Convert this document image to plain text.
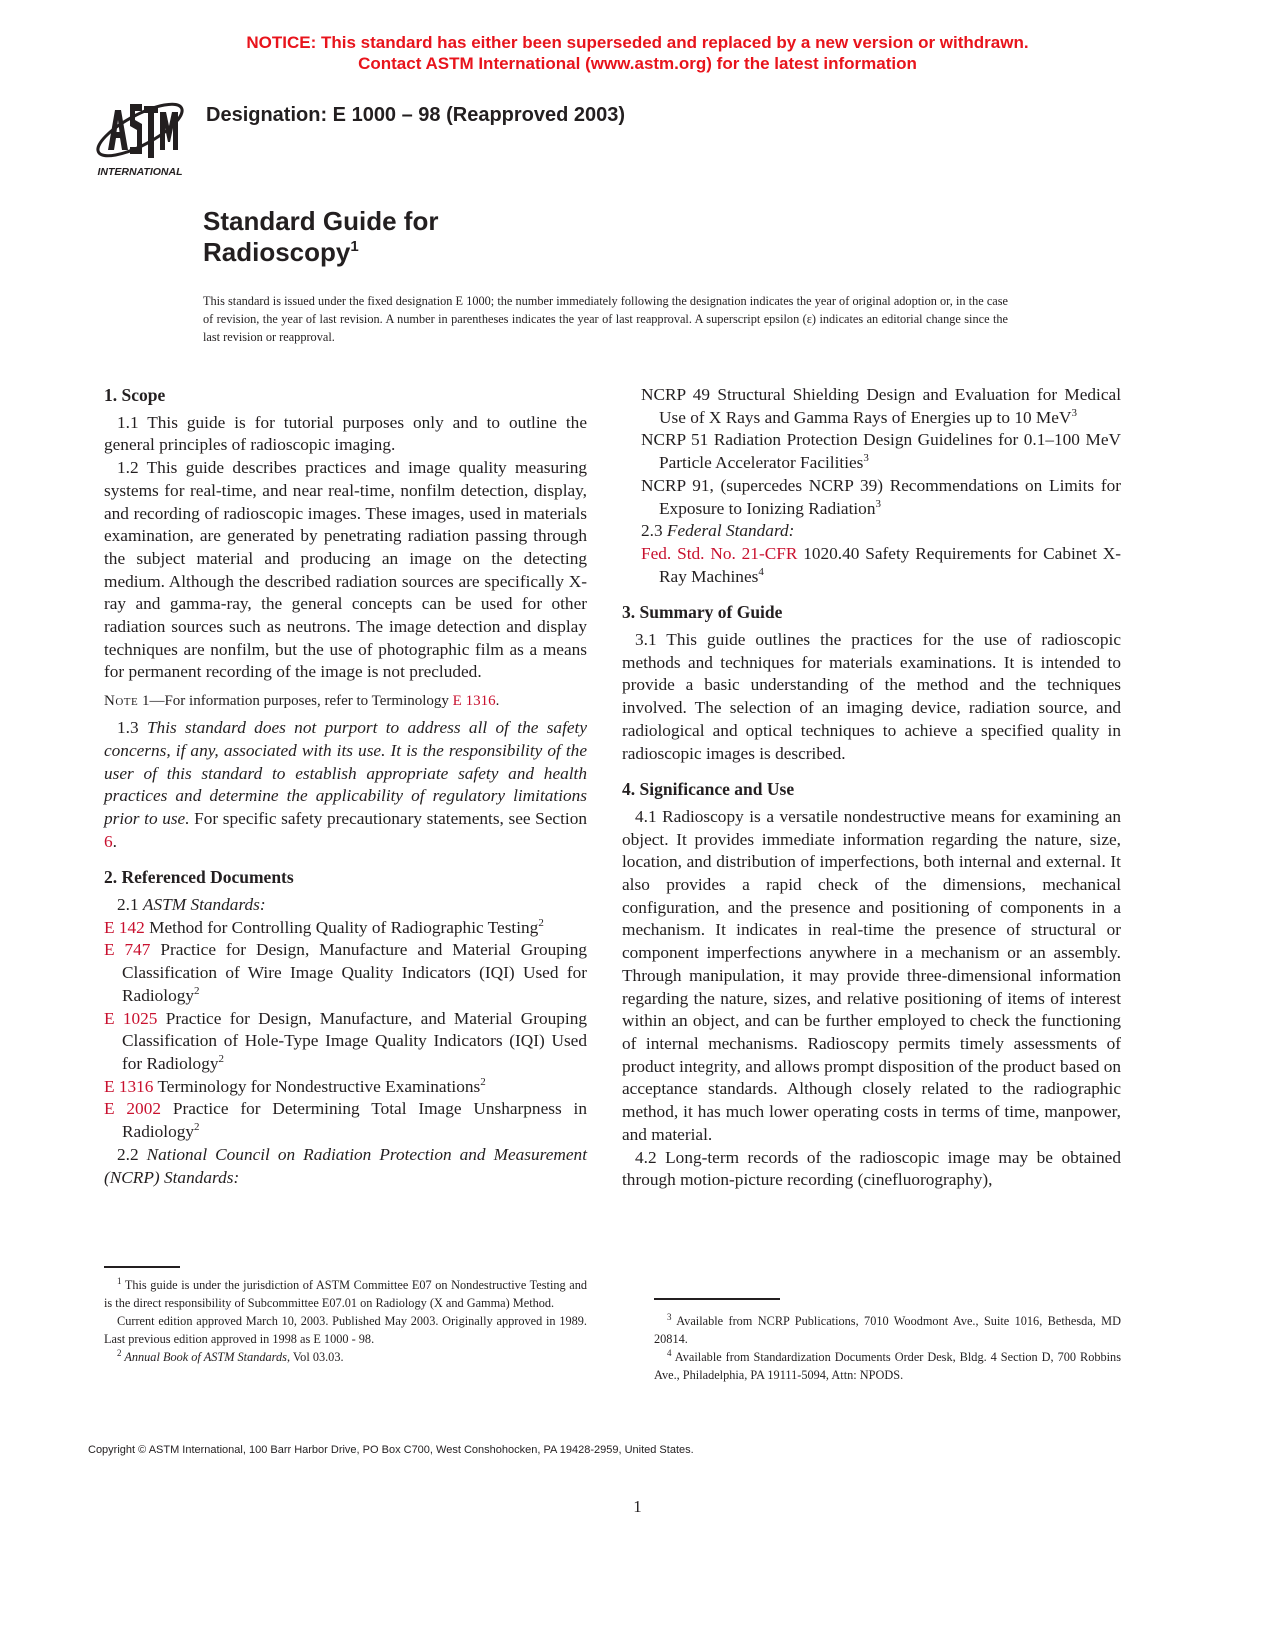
NOTICE: This standard has either been superseded and replaced by a new version or withdrawn.
Contact ASTM International (www.astm.org) for the latest information
INTERNATIONAL
Designation: E 1000 – 98 (Reapproved 2003)
Standard Guide for
Radioscopy$^1$
This standard is issued under the fixed designation E 1000; the number immediately following the designation indicates the year of original adoption or, in the case of revision, the year of last revision. A number in parentheses indicates the year of last reapproval. A superscript epsilon (ε) indicates an editorial change since the last revision or reapproval.

1. Scope

1.1 This guide is for tutorial purposes only and to outline the general principles of radioscopic imaging.

1.2 This guide describes practices and image quality measuring systems for real-time, and near real-time, nonfilm detection, display, and recording of radioscopic images. These images, used in materials examination, are generated by penetrating radiation passing through the subject material and producing an image on the detecting medium. Although the described radiation sources are specifically X-ray and gamma-ray, the general concepts can be used for other radiation sources such as neutrons. The image detection and display techniques are nonfilm, but the use of photographic film as a means for permanent recording of the image is not precluded.

Note 1—For information purposes, refer to Terminology E 1316.

1.3 This standard does not purport to address all of the safety concerns, if any, associated with its use. It is the responsibility of the user of this standard to establish appropriate safety and health practices and determine the applicability of regulatory limitations prior to use. For specific safety precautionary statements, see Section 6.

2. Referenced Documents

2.1 ASTM Standards:

E 142 Method for Controlling Quality of Radiographic Testing$^2$

E 747 Practice for Design, Manufacture and Material Grouping Classification of Wire Image Quality Indicators (IQI) Used for Radiology$^2$

E 1025 Practice for Design, Manufacture, and Material Grouping Classification of Hole-Type Image Quality Indicators (IQI) Used for Radiology$^2$

E 1316 Terminology for Nondestructive Examinations$^2$

E 2002 Practice for Determining Total Image Unsharpness in Radiology$^2$

2.2 National Council on Radiation Protection and Measurement (NCRP) Standards:

$^1$ This guide is under the jurisdiction of ASTM Committee E07 on Nondestructive Testing and is the direct responsibility of Subcommittee E07.01 on Radiology (X and Gamma) Method.

Current edition approved March 10, 2003. Published May 2003. Originally approved in 1989. Last previous edition approved in 1998 as E 1000 - 98.

$^2$ Annual Book of ASTM Standards, Vol 03.03.

NCRP 49 Structural Shielding Design and Evaluation for Medical Use of X Rays and Gamma Rays of Energies up to 10 MeV$^3$

NCRP 51 Radiation Protection Design Guidelines for 0.1–100 MeV Particle Accelerator Facilities$^3$

NCRP 91, (supercedes NCRP 39) Recommendations on Limits for Exposure to Ionizing Radiation$^3$

2.3 Federal Standard:

Fed. Std. No. 21-CFR 1020.40 Safety Requirements for Cabinet X-Ray Machines$^4$

3. Summary of Guide

3.1 This guide outlines the practices for the use of radioscopic methods and techniques for materials examinations. It is intended to provide a basic understanding of the method and the techniques involved. The selection of an imaging device, radiation source, and radiological and optical techniques to achieve a specified quality in radioscopic images is described.

4. Significance and Use

4.1 Radioscopy is a versatile nondestructive means for examining an object. It provides immediate information regarding the nature, size, location, and distribution of imperfections, both internal and external. It also provides a rapid check of the dimensions, mechanical configuration, and the presence and positioning of components in a mechanism. It indicates in real-time the presence of structural or component imperfections anywhere in a mechanism or an assembly. Through manipulation, it may provide three-dimensional information regarding the nature, sizes, and relative positioning of items of interest within an object, and can be further employed to check the functioning of internal mechanisms. Radioscopy permits timely assessments of product integrity, and allows prompt disposition of the product based on acceptance standards. Although closely related to the radiographic method, it has much lower operating costs in terms of time, manpower, and material.

4.2 Long-term records of the radioscopic image may be obtained through motion-picture recording (cinefluorography),

$^3$ Available from NCRP Publications, 7010 Woodmont Ave., Suite 1016, Bethesda, MD 20814.

$^4$ Available from Standardization Documents Order Desk, Bldg. 4 Section D, 700 Robbins Ave., Philadelphia, PA 19111-5094, Attn: NPODS.

Copyright © ASTM International, 100 Barr Harbor Drive, PO Box C700, West Conshohocken, PA 19428-2959, United States.
1
